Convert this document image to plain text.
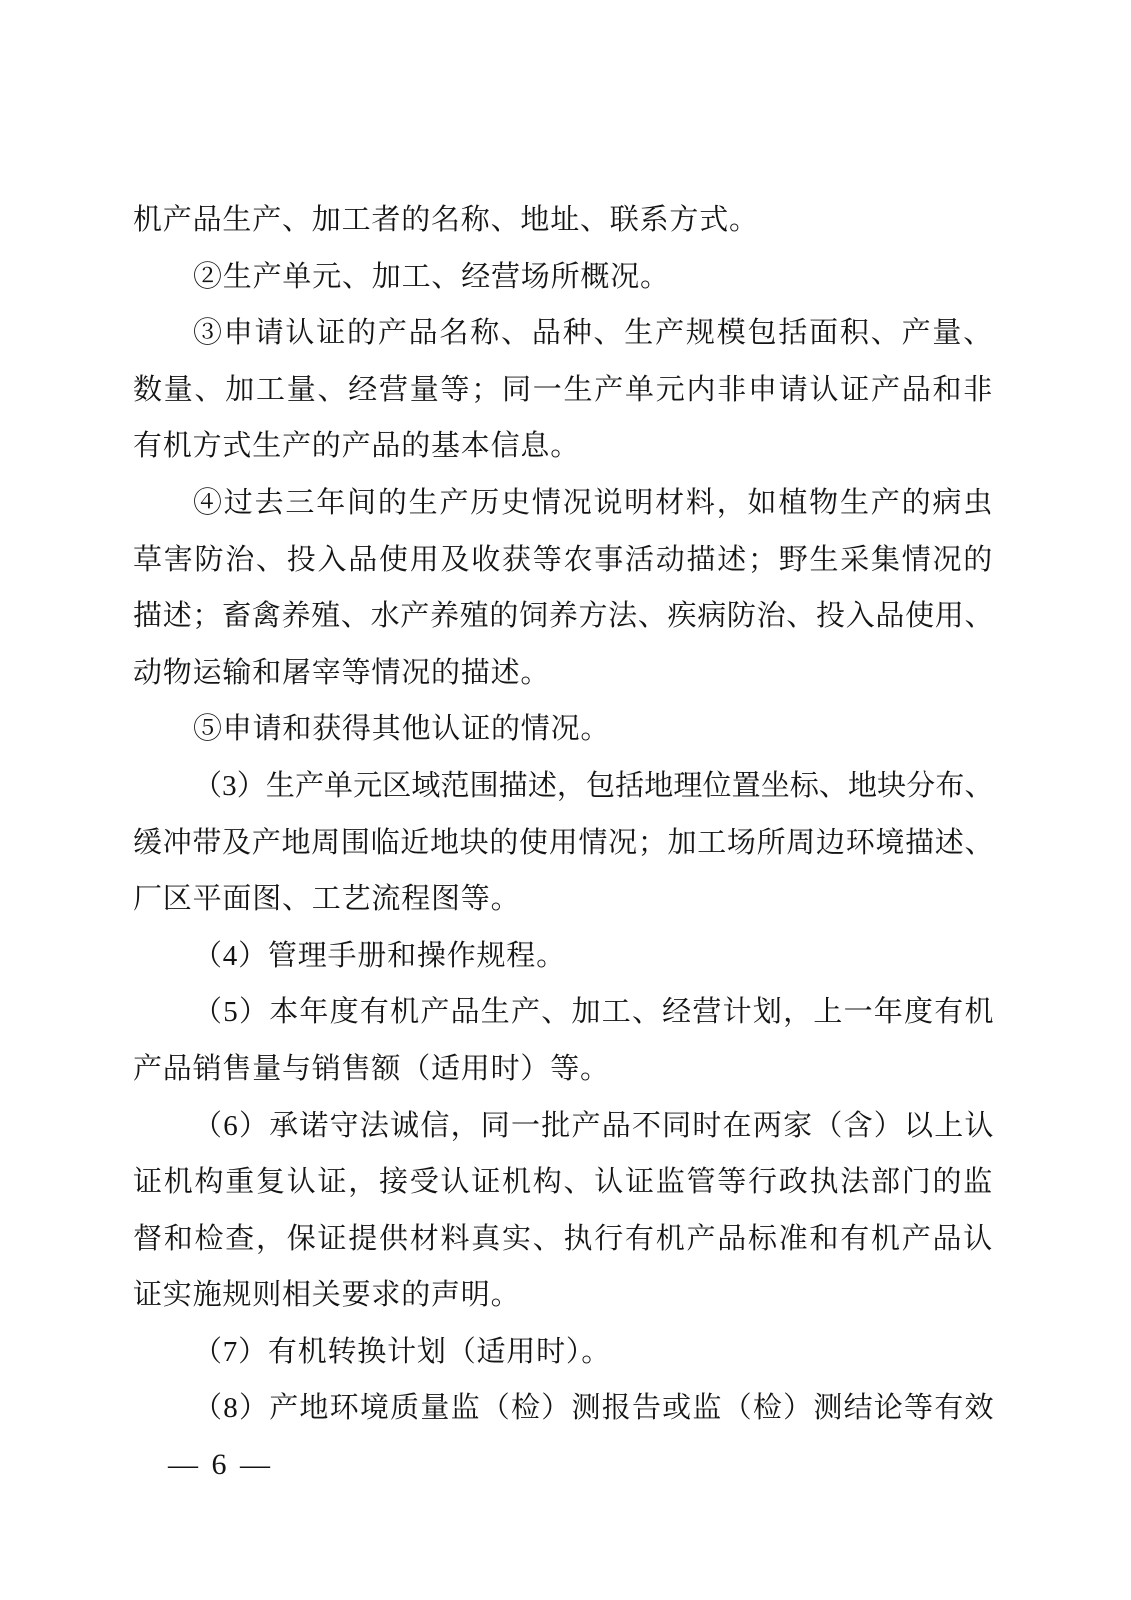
机产品生产、加工者的名称、地址、联系方式。
②生产单元、加工、经营场所概况。
③申请认证的产品名称、品种、生产规模包括面积、产量、
数量、加工量、经营量等；同一生产单元内非申请认证产品和非
有机方式生产的产品的基本信息。
④过去三年间的生产历史情况说明材料，如植物生产的病虫
草害防治、投入品使用及收获等农事活动描述；野生采集情况的
描述；畜禽养殖、水产养殖的饲养方法、疾病防治、投入品使用、
动物运输和屠宰等情况的描述。
⑤申请和获得其他认证的情况。
（3）生产单元区域范围描述，包括地理位置坐标、地块分布、
缓冲带及产地周围临近地块的使用情况；加工场所周边环境描述、
厂区平面图、工艺流程图等。
（4）管理手册和操作规程。
（5）本年度有机产品生产、加工、经营计划，上一年度有机
产品销售量与销售额（适用时）等。
（6）承诺守法诚信，同一批产品不同时在两家（含）以上认
证机构重复认证，接受认证机构、认证监管等行政执法部门的监
督和检查，保证提供材料真实、执行有机产品标准和有机产品认
证实施规则相关要求的声明。
（7）有机转换计划（适用时）。
（8）产地环境质量监（检）测报告或监（检）测结论等有效
— 6 —
